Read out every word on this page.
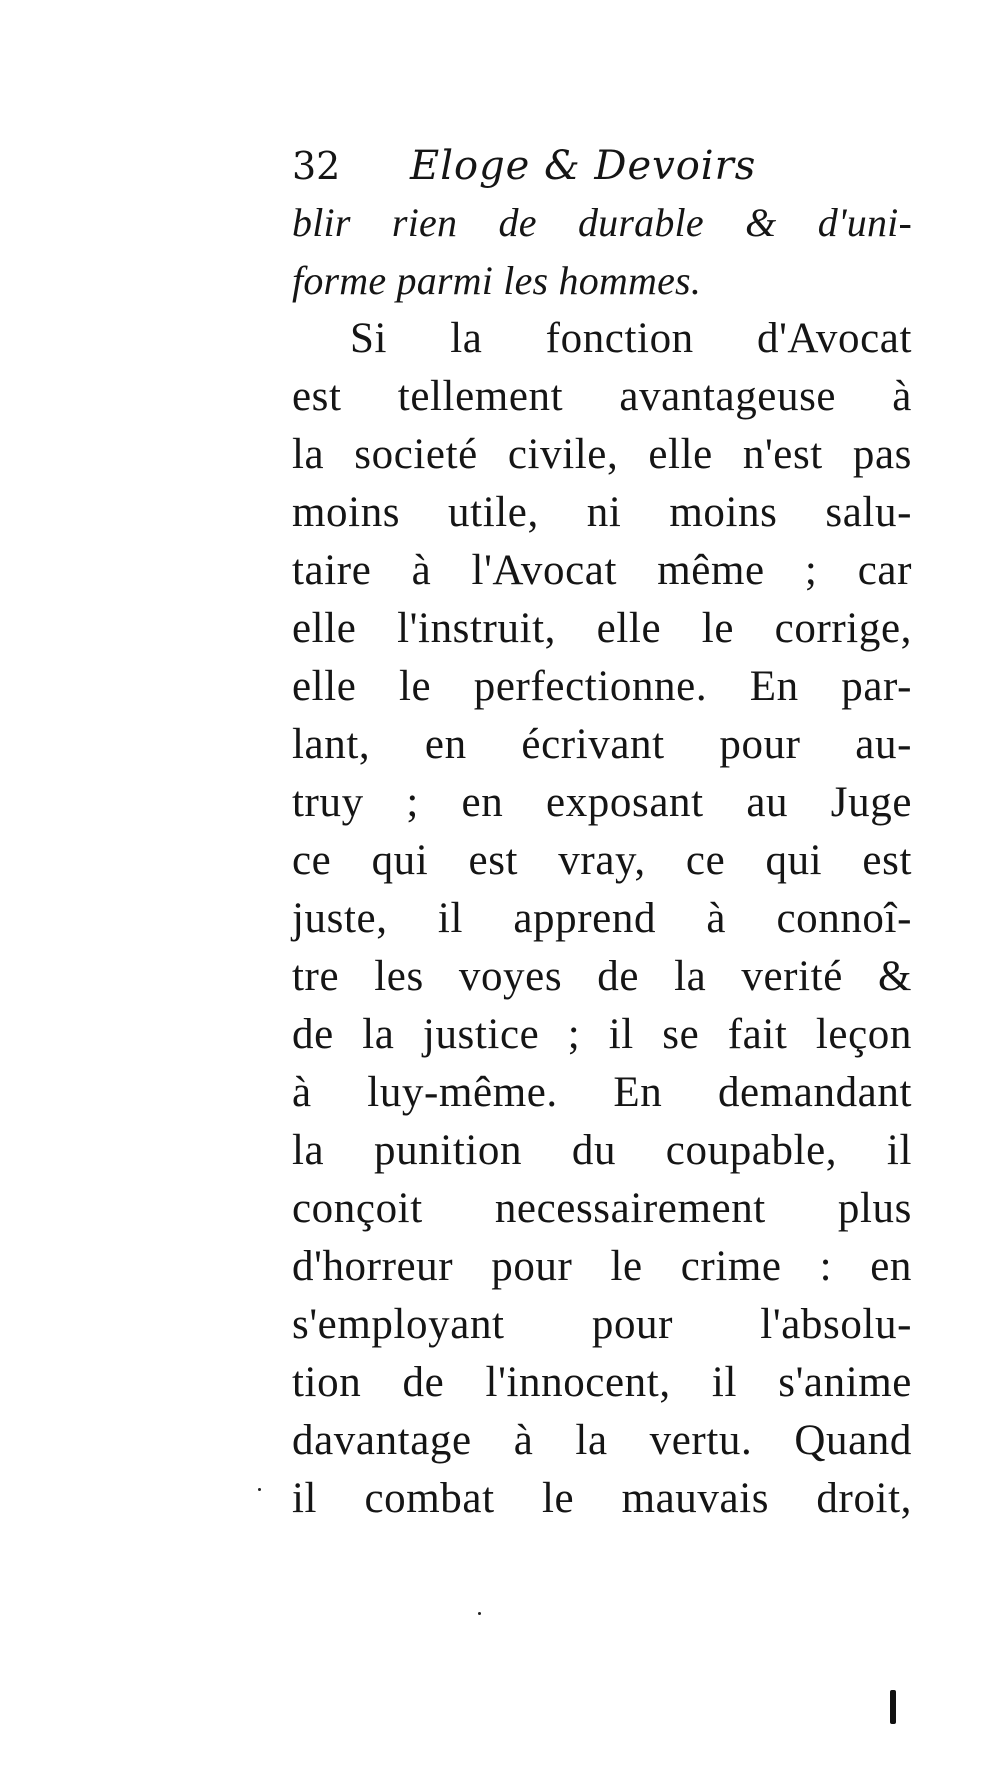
32 Eloge & Devoirs
blir rien de durable & d'uni-
forme parmi les hommes.
Si la fonction d'Avocat
est tellement avantageuse à
la societé civile, elle n'est pas
moins utile, ni moins salu-
taire à l'Avocat même ; car
elle l'instruit, elle le corrige,
elle le perfectionne. En par-
lant, en écrivant pour au-
truy ; en exposant au Juge
ce qui est vray, ce qui est
juste, il apprend à connoî-
tre les voyes de la verité &
de la justice ; il se fait leçon
à luy-même. En demandant
la punition du coupable, il
conçoit necessairement plus
d'horreur pour le crime : en
s'employant pour l'absolu-
tion de l'innocent, il s'anime
davantage à la vertu. Quand
il combat le mauvais droit,
